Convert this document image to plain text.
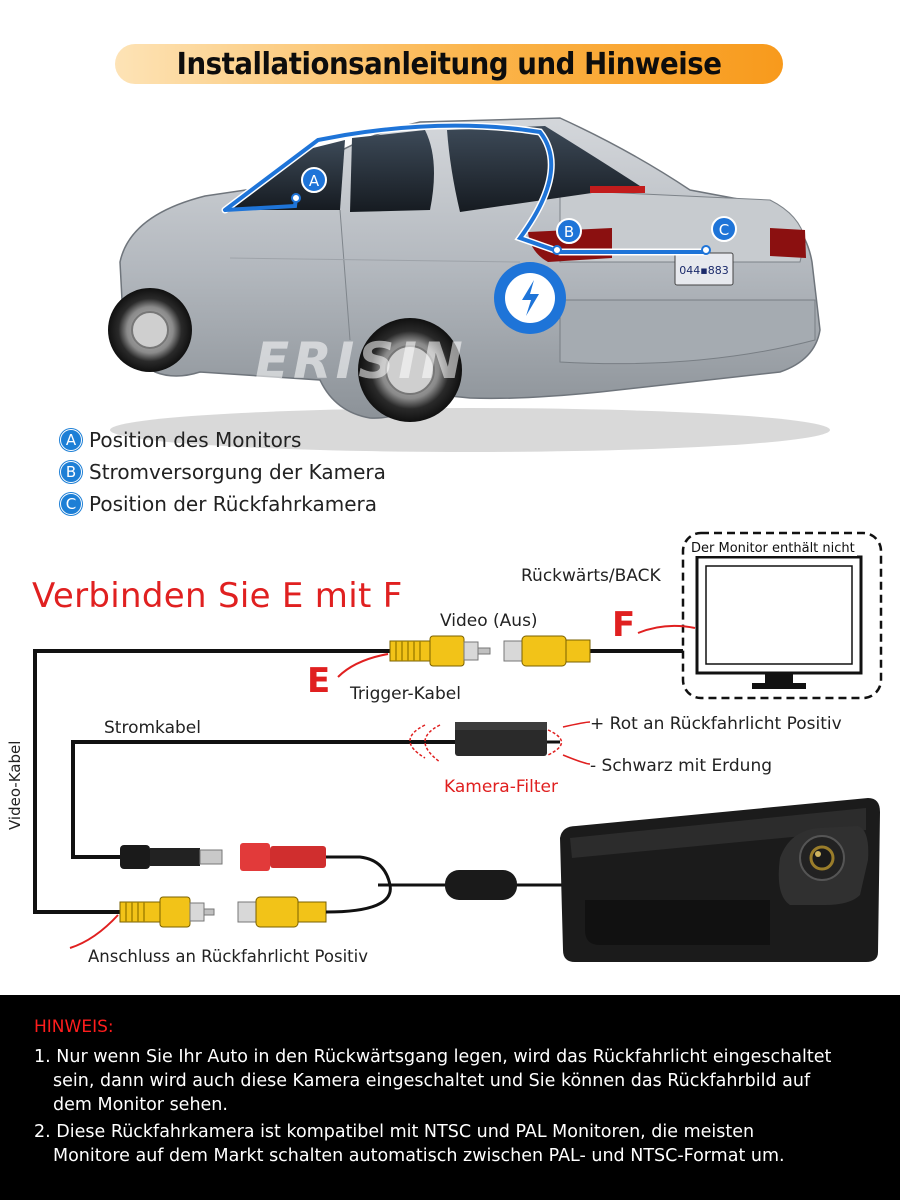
Installationsanleitung und Hinweise
044▪883
ERISIN
A
B	C
A Position des Monitors
B Stromversorgung der Kamera
C Position der Rückfahrkamera
Der Monitor enthält nicht
Rückwärts/BACK
Verbinden Sie E mit F
Video (Aus) F
E Trigger-Kabel
Stromkabel	+ Rot an Rückfahrlicht Positiv
- Schwarz mit Erdung
Kamera-Filter
Video-Kabel
Anschluss an Rückfahrlicht Positiv
HINWEIS:
1. Nur wenn Sie Ihr Auto in den Rückwärtsgang legen, wird das Rückfahrlicht eingeschaltet
sein, dann wird auch diese Kamera eingeschaltet und Sie können das Rückfahrbild auf
dem Monitor sehen.
2. Diese Rückfahrkamera ist kompatibel mit NTSC und PAL Monitoren, die meisten
Monitore auf dem Markt schalten automatisch zwischen PAL- und NTSC-Format um.
